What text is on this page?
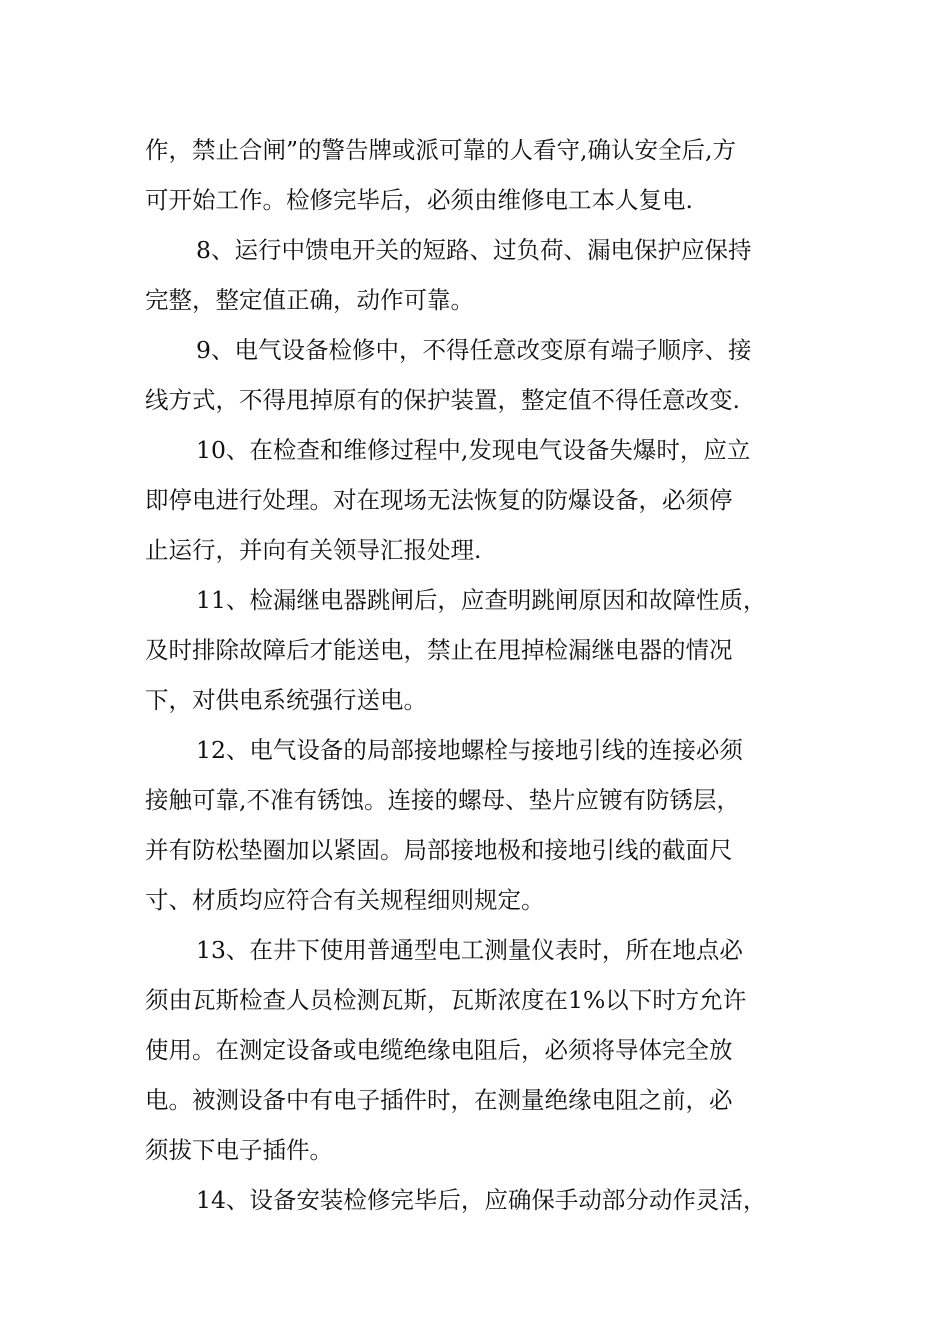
作，禁止合闸”的警告牌或派可靠的人看守,确认安全后,方
可开始工作。检修完毕后，必须由维修电工本人复电.
8、运行中馈电开关的短路、过负荷、漏电保护应保持
完整，整定值正确，动作可靠。
9、电气设备检修中，不得任意改变原有端子顺序、接
线方式，不得甩掉原有的保护装置，整定值不得任意改变.
10、在检查和维修过程中,发现电气设备失爆时，应立
即停电进行处理。对在现场无法恢复的防爆设备，必须停
止运行，并向有关领导汇报处理.
11、检漏继电器跳闸后，应查明跳闸原因和故障性质，
及时排除故障后才能送电，禁止在甩掉检漏继电器的情况
下，对供电系统强行送电。
12、电气设备的局部接地螺栓与接地引线的连接必须
接触可靠,不准有锈蚀。连接的螺母、垫片应镀有防锈层，
并有防松垫圈加以紧固。局部接地极和接地引线的截面尺
寸、材质均应符合有关规程细则规定。
13、在井下使用普通型电工测量仪表时，所在地点必
须由瓦斯检查人员检测瓦斯，瓦斯浓度在1%以下时方允许
使用。在测定设备或电缆绝缘电阻后，必须将导体完全放
电。被测设备中有电子插件时，在测量绝缘电阻之前，必
须拔下电子插件。
14、设备安装检修完毕后，应确保手动部分动作灵活，
